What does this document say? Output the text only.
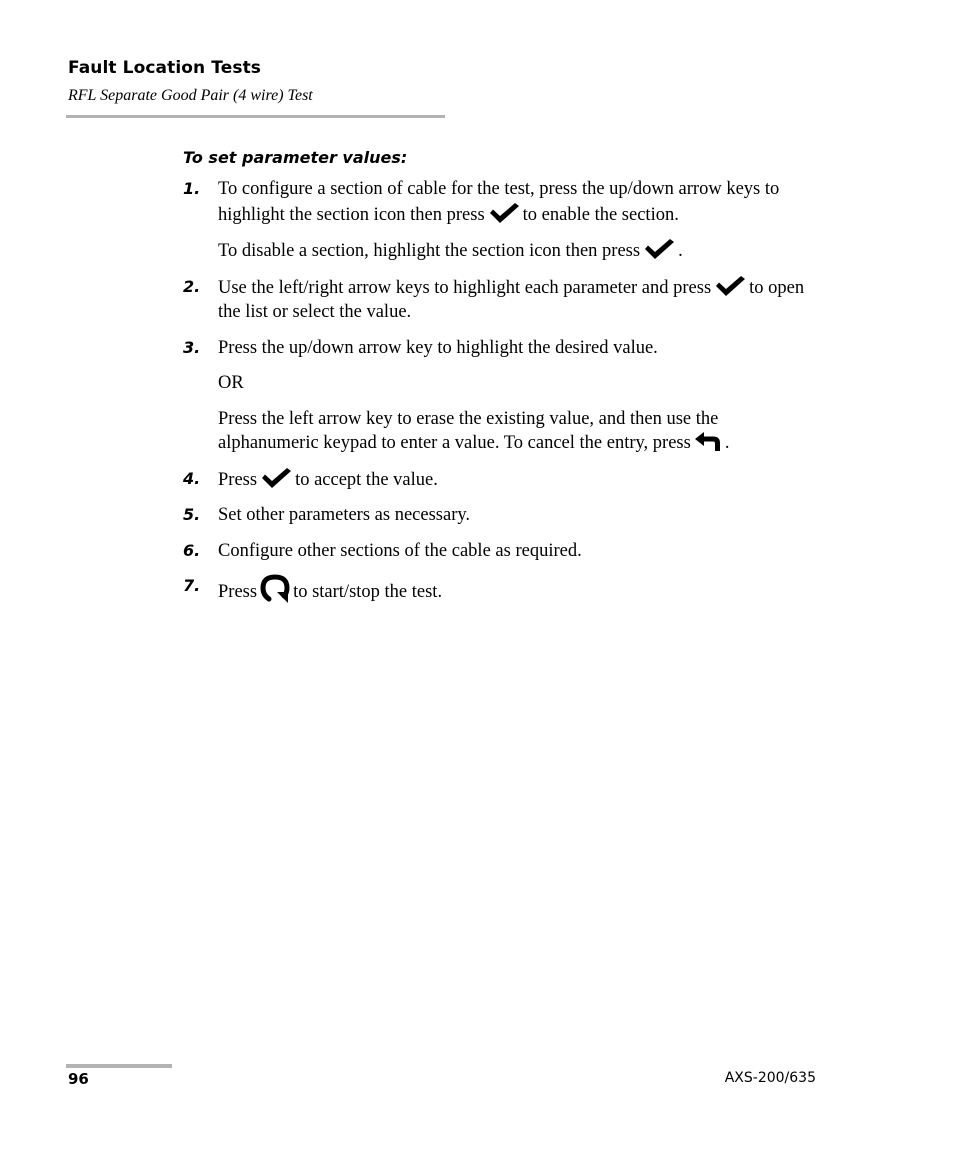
Fault Location Tests
RFL Separate Good Pair (4 wire) Test
To set parameter values:
1. To configure a section of cable for the test, press the up/down arrow keys to highlight the section icon then press to enable the section.

To disable a section, highlight the section icon then press .

2. Use the left/right arrow keys to highlight each parameter and press to open the list or select the value.

3. Press the up/down arrow key to highlight the desired value.

OR

Press the left arrow key to erase the existing value, and then use the alphanumeric keypad to enter a value. To cancel the entry, press .

4. Press to accept the value.

5. Set other parameters as necessary.

6. Configure other sections of the cable as required.

7. Press to start/stop the test.

96	AXS-200/635
